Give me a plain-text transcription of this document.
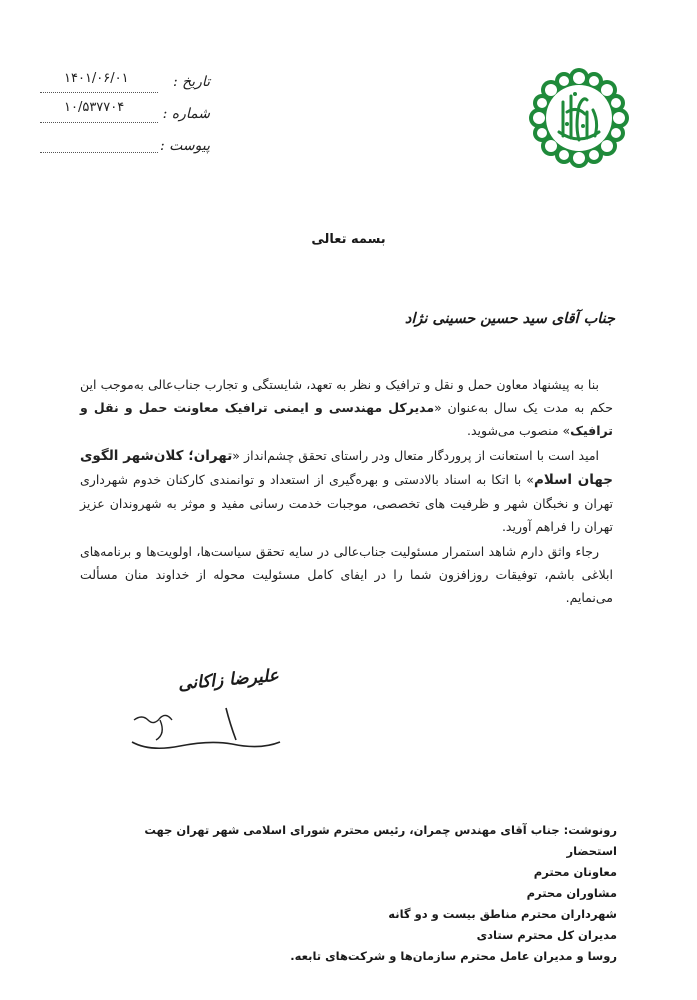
تاریخ :
۱۴۰۱/۰۶/۰۱
شماره :
۱۰/۵۳۷۷۰۴
پیوست :
بسمه تعالی
جناب آقای سید حسین حسینی نژاد

بنا به پیشنهاد معاون حمل و نقل و ترافیک و نظر به تعهد، شایستگی و تجارب جناب‌عالی به‌موجب این حکم به مدت یک سال به‌عنوان «مدیرکل مهندسی و ایمنی ترافیک معاونت حمل و نقل و ترافیک» منصوب می‌شوید.

امید است با استعانت از پروردگار متعال ودر راستای تحقق چشم‌انداز «تهران؛ کلان‌شهر الگوی جهان اسلام» با اتکا به اسناد بالادستی و بهره‌گیری از استعداد و توانمندی کارکنان خدوم شهرداری تهران و نخبگان شهر و ظرفیت های تخصصی، موجبات خدمت رسانی مفید و موثر به شهروندان عزیز تهران را فراهم آورید.

رجاء واثق دارم شاهد استمرار مسئولیت جناب‌عالی در سایه تحقق سیاست‌ها، اولویت‌ها و برنامه‌های ابلاغی باشم، توفیقات روزافزون شما را در ایفای کامل مسئولیت محوله از خداوند منان مسألت می‌نمایم.

علیرضا زاکانی
رونوشت: جناب آقای مهندس چمران، رئیس محترم شورای اسلامی شهر تهران جهت استحضار
معاونان محترم
مشاوران محترم
شهرداران محترم مناطق بیست و دو گانه
مدیران کل محترم ستادی
روسا و مدیران عامل محترم سازمان‌ها و شرکت‌های تابعه.
